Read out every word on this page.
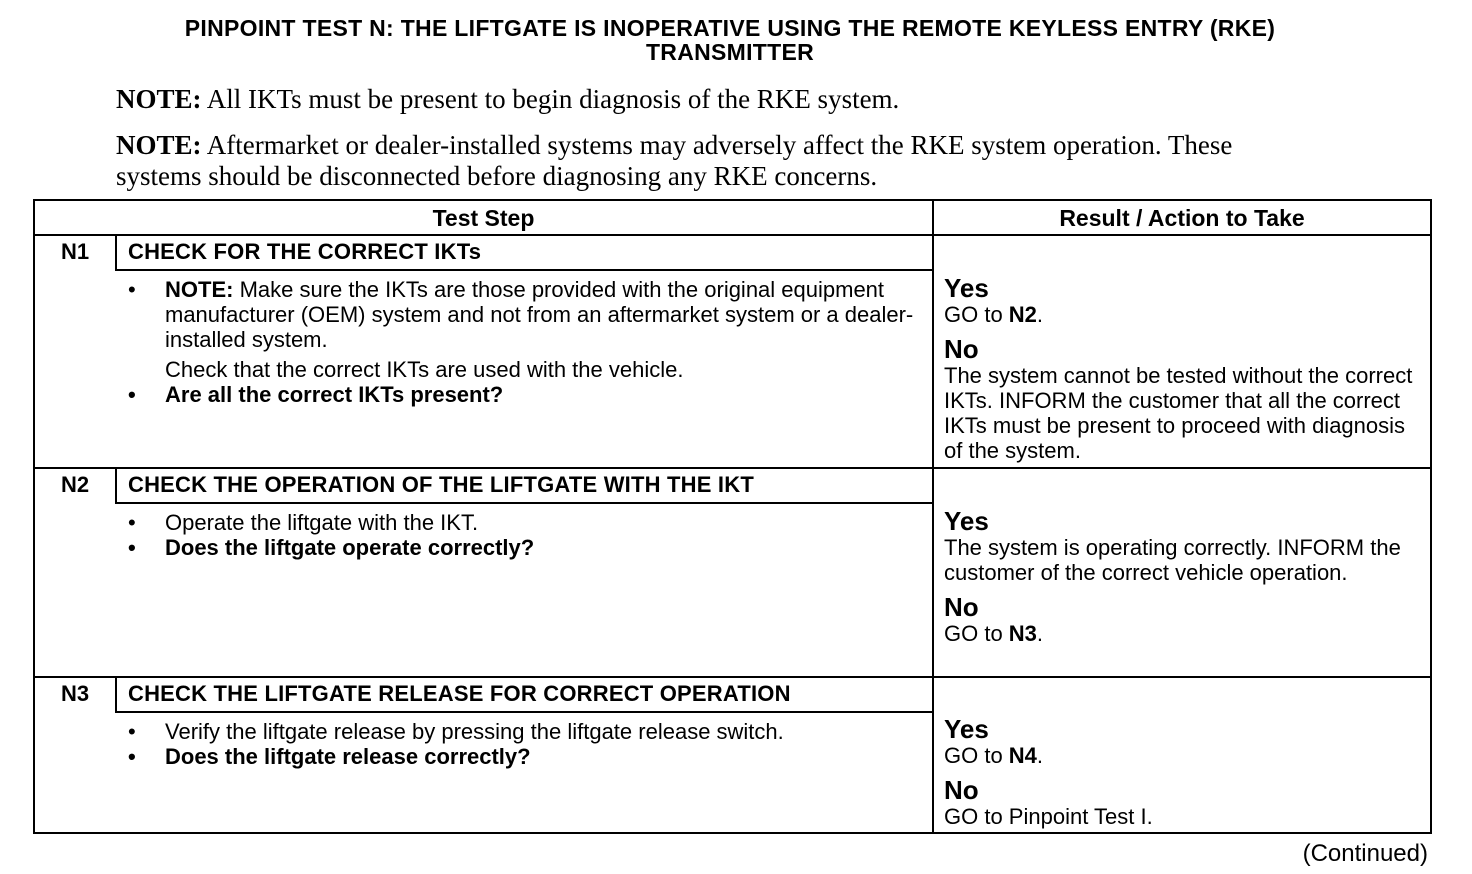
PINPOINT TEST N: THE LIFTGATE IS INOPERATIVE USING THE REMOTE KEYLESS ENTRY (RKE)
TRANSMITTER
NOTE: All IKTs must be present to begin diagnosis of the RKE system.
NOTE: Aftermarket or dealer-installed systems may adversely affect the RKE system operation. These systems should be disconnected before diagnosing any RKE concerns.
Test Step	Result / Action to Take
N1	CHECK FOR THE CORRECT IKTs
• NOTE: Make sure the IKTs are those provided with the original equipment manufacturer (OEM) system and not from an aftermarket system or a dealer-installed system.
Check that the correct IKTs are used with the vehicle.
• Are all the correct IKTs present?
Yes
GO to N2.
No
The system cannot be tested without the correct IKTs. INFORM the customer that all the correct IKTs must be present to proceed with diagnosis of the system.
N2	CHECK THE OPERATION OF THE LIFTGATE WITH THE IKT
• Operate the liftgate with the IKT.
• Does the liftgate operate correctly?
Yes
The system is operating correctly. INFORM the customer of the correct vehicle operation.
No
GO to N3.
N3	CHECK THE LIFTGATE RELEASE FOR CORRECT OPERATION
• Verify the liftgate release by pressing the liftgate release switch.
• Does the liftgate release correctly?
Yes
GO to N4.
No
GO to Pinpoint Test I.
(Continued)
